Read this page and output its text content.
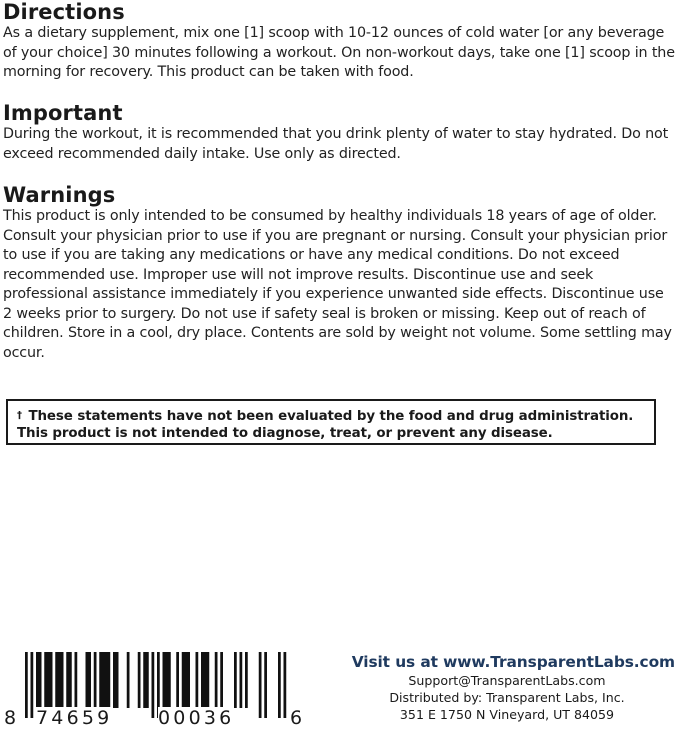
Directions

As a dietary supplement, mix one [1] scoop with 10-12 ounces of cold water [or any beverage of your choice] 30 minutes following a workout. On non-workout days, take one [1] scoop in the morning for recovery. This product can be taken with food.

Important

During the workout, it is recommended that you drink plenty of water to stay hydrated. Do not exceed recommended daily intake. Use only as directed.

Warnings

This product is only intended to be consumed by healthy individuals 18 years of age of older. Consult your physician prior to use if you are pregnant or nursing. Consult your physician prior to use if you are taking any medications or have any medical conditions. Do not exceed recommended use. Improper use will not improve results. Discontinue use and seek professional assistance immediately if you experience unwanted side effects. Discontinue use 2 weeks prior to surgery. Do not use if safety seal is broken or missing. Keep out of reach of children. Store in a cool, dry place. Contents are sold by weight not volume. Some settling may occur.

† These statements have not been evaluated by the food and drug administration.
This product is not intended to diagnose, treat, or prevent any disease.
8 74659 00036	6
Visit us at www.TransparentLabs.com
Support@TransparentLabs.com
Distributed by: Transparent Labs, Inc.
351 E 1750 N Vineyard, UT 84059
